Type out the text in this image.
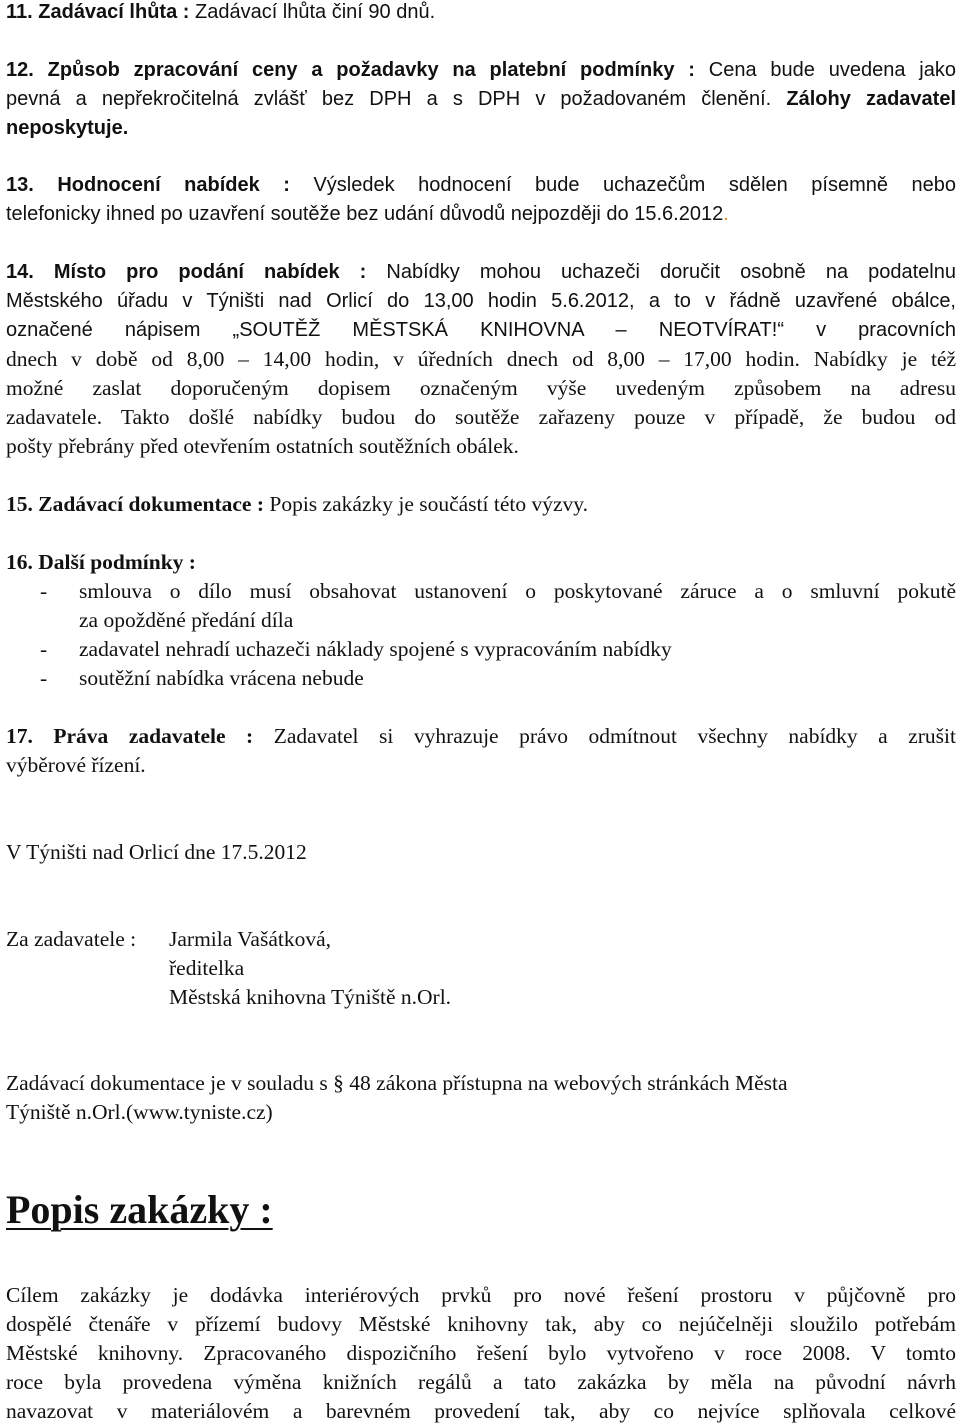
11. Zadávací lhůta : Zadávací lhůta činí 90 dnů.
12. Způsob zpracování ceny a požadavky na platební podmínky : Cena bude uvedena jako
pevná a nepřekročitelná zvlášť bez DPH a s DPH v požadovaném členění. Zálohy zadavatel
neposkytuje.
13. Hodnocení nabídek : Výsledek hodnocení bude uchazečům sdělen písemně nebo
telefonicky ihned po uzavření soutěže bez udání důvodů nejpozději do 15.6.2012.
14. Místo pro podání nabídek : Nabídky mohou uchazeči doručit osobně na podatelnu
Městského úřadu v Týništi nad Orlicí do 13,00 hodin 5.6.2012, a to v řádně uzavřené obálce,
označené nápisem „SOUTĚŽ MĚSTSKÁ KNIHOVNA – NEOTVÍRAT!“ v pracovních
dnech v době od 8,00 – 14,00 hodin, v úředních dnech od 8,00 – 17,00 hodin. Nabídky je též
možné zaslat doporučeným dopisem označeným výše uvedeným způsobem na adresu
zadavatele. Takto došlé nabídky budou do soutěže zařazeny pouze v případě, že budou od
pošty přebrány před otevřením ostatních soutěžních obálek.
15. Zadávací dokumentace : Popis zakázky je součástí této výzvy.
16. Další podmínky :
- smlouva o dílo musí obsahovat ustanovení o poskytované záruce a o smluvní pokutě
za opožděné předání díla
- zadavatel nehradí uchazeči náklady spojené s vypracováním nabídky
- soutěžní nabídka vrácena nebude
17. Práva zadavatele : Zadavatel si vyhrazuje právo odmítnout všechny nabídky a zrušit
výběrové řízení.
V Týništi nad Orlicí dne 17.5.2012
Za zadavatele : Jarmila Vašátková,
ředitelka
Městská knihovna Týniště n.Orl.
Zadávací dokumentace je v souladu s § 48 zákona přístupna na webových stránkách Města
Týniště n.Orl.(www.tyniste.cz)
Popis zakázky :
Cílem zakázky je dodávka interiérových prvků pro nové řešení prostoru v půjčovně pro
dospělé čtenáře v přízemí budovy Městské knihovny tak, aby co nejúčelněji sloužilo potřebám
Městské knihovny. Zpracovaného dispozičního řešení bylo vytvořeno v roce 2008. V tomto
roce byla provedena výměna knižních regálů a tato zakázka by měla na původní návrh
navazovat v materiálovém a barevném provedení tak, aby co nejvíce splňovala celkové
